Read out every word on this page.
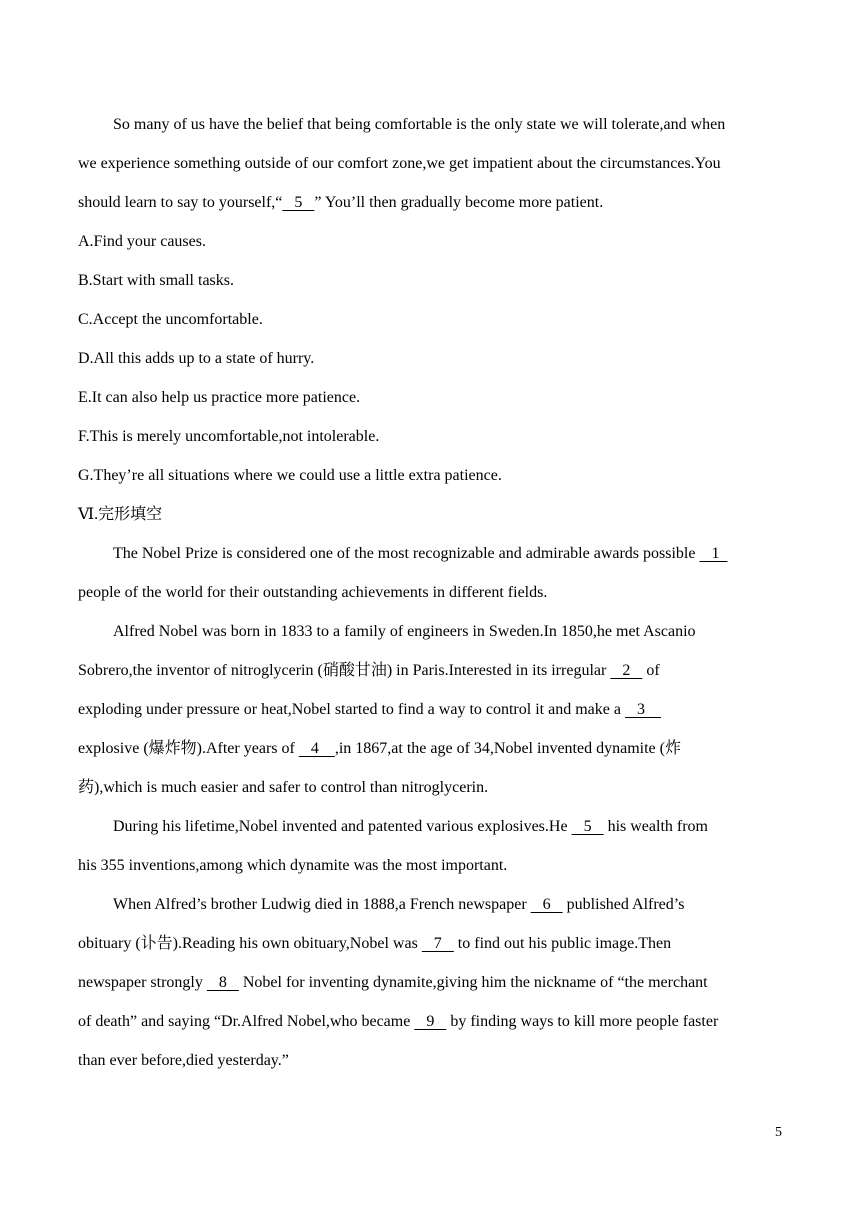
So many of us have the belief that being comfortable is the only state we will tolerate,and when
we experience something outside of our comfort zone,we get impatient about the circumstances.You
should learn to say to yourself,“   5   ” You’ll then gradually become more patient.
A.Find your causes.
B.Start with small tasks.
C.Accept the uncomfortable.
D.All this adds up to a state of hurry.
E.It can also help us practice more patience.
F.This is merely uncomfortable,not intolerable.
G.They’re all situations where we could use a little extra patience.
Ⅵ.完形填空
The Nobel Prize is considered one of the most recognizable and admirable awards possible    1
people of the world for their outstanding achievements in different fields.
Alfred Nobel was born in 1833 to a family of engineers in Sweden.In 1850,he met Ascanio
Sobrero,the inventor of nitroglycerin (硝酸甘油) in Paris.Interested in its irregular    2    of
exploding under pressure or heat,Nobel started to find a way to control it and make a    3
explosive (爆炸物).After years of    4    ,in 1867,at the age of 34,Nobel invented dynamite (炸
药),which is much easier and safer to control than nitroglycerin.
During his lifetime,Nobel invented and patented various explosives.He    5    his wealth from
his 355 inventions,among which dynamite was the most important.
When Alfred’s brother Ludwig died in 1888,a French newspaper    6    published Alfred’s
obituary (讣告).Reading his own obituary,Nobel was    7    to find out his public image.Then
newspaper strongly    8    Nobel for inventing dynamite,giving him the nickname of “the merchant
of death” and saying “Dr.Alfred Nobel,who became    9    by finding ways to kill more people faster
than ever before,died yesterday.”
5
